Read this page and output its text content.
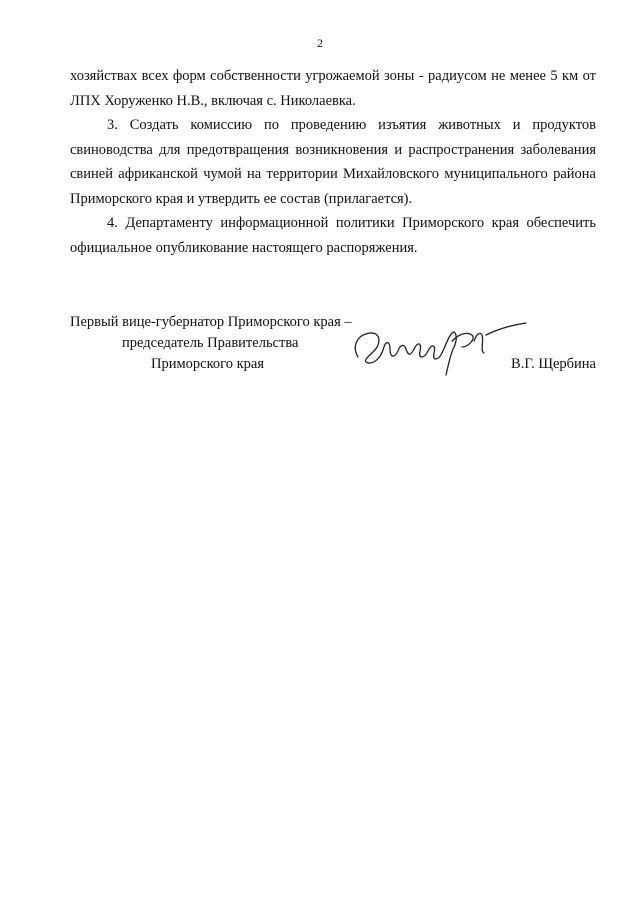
2

хозяйствах всех форм собственности угрожаемой зоны - радиусом не менее 5 км от ЛПХ Хоруженко Н.В., включая с. Николаевка.

3. Создать комиссию по проведению изъятия животных и продуктов свиноводства для предотвращения возникновения и распространения заболевания свиней африканской чумой на территории Михайловского муниципального района Приморского края и утвердить ее состав (прилагается).

4. Департаменту информационной политики Приморского края обеспечить официальное опубликование настоящего распоряжения.

Первый вице-губернатор Приморского края –
председатель Правительства
Приморского края	В.Г. Щербина
